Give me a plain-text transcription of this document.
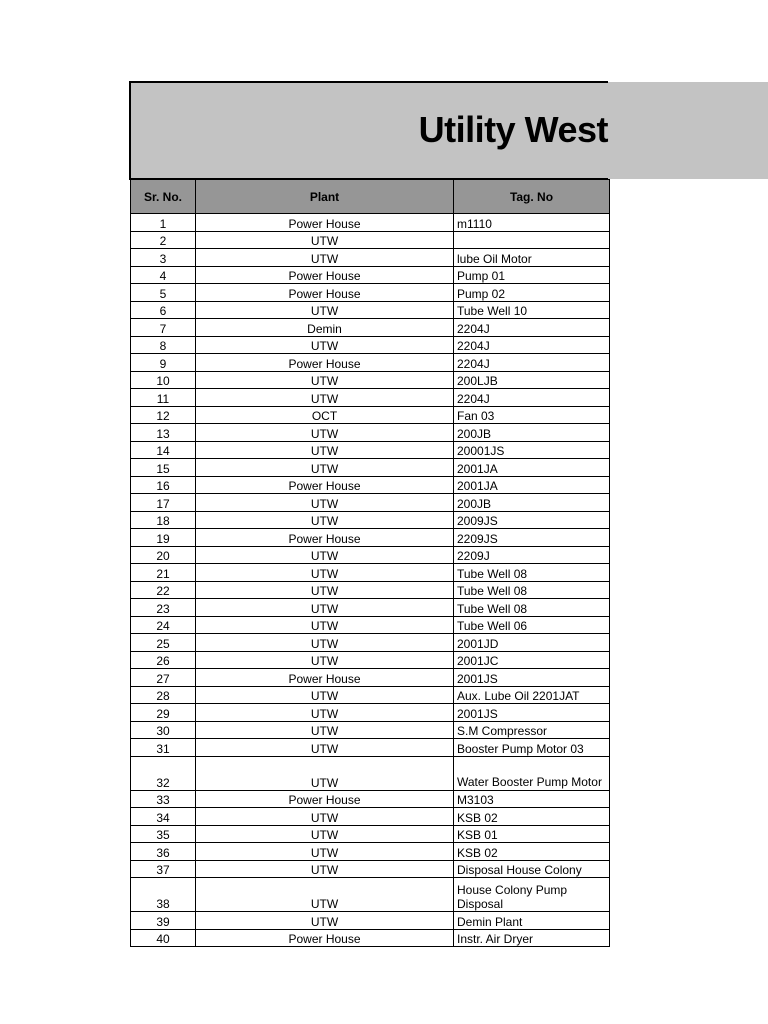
Utility West
Sr. No.	Plant	Tag. No
1	Power House	m1110
2	UTW	
3	UTW	lube Oil Motor
4	Power House	Pump 01
5	Power House	Pump 02
6	UTW	Tube Well 10
7	Demin	2204J
8	UTW	2204J
9	Power House	2204J
10	UTW	200LJB
11	UTW	2204J
12	OCT	Fan 03
13	UTW	200JB
14	UTW	20001JS
15	UTW	2001JA
16	Power House	2001JA
17	UTW	200JB
18	UTW	2009JS
19	Power House	2209JS
20	UTW	2209J
21	UTW	Tube Well 08
22	UTW	Tube Well 08
23	UTW	Tube Well 08
24	UTW	Tube Well 06
25	UTW	2001JD
26	UTW	2001JC
27	Power House	2001JS
28	UTW	Aux. Lube Oil 2201JAT
29	UTW	2001JS
30	UTW	S.M Compressor
31	UTW	Booster Pump Motor 03
32	UTW	Water Booster Pump Motor
33	Power House	M3103
34	UTW	KSB 02
35	UTW	KSB 01
36	UTW	KSB 02
37	UTW	Disposal House Colony
38	UTW	House Colony Pump Disposal
39	UTW	Demin Plant
40	Power House	Instr. Air Dryer
